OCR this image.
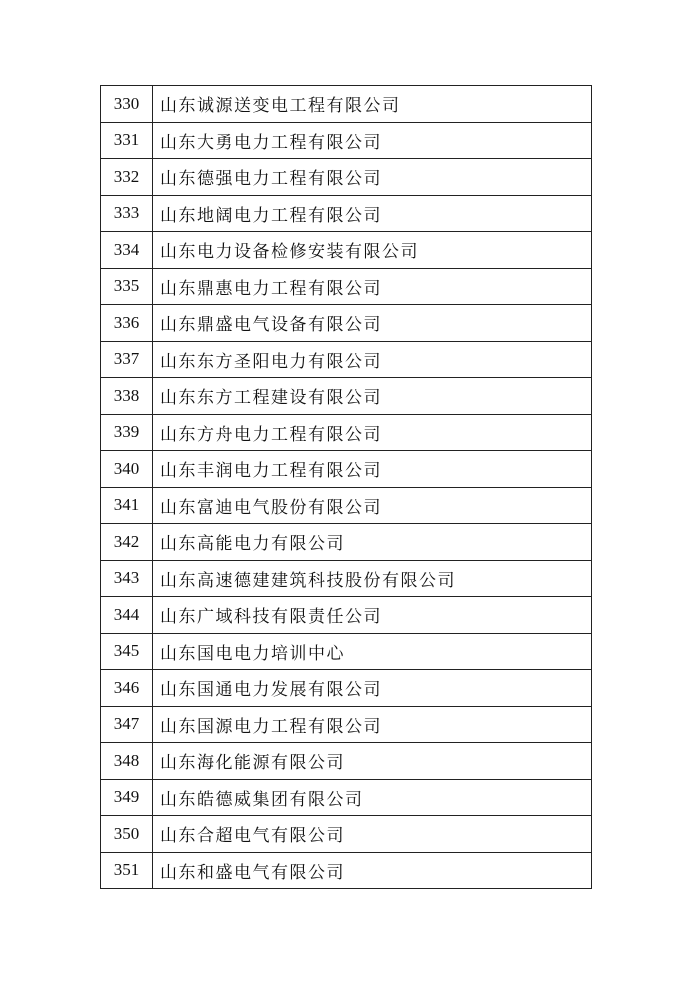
330	山东诚源送变电工程有限公司
331	山东大勇电力工程有限公司
332	山东德强电力工程有限公司
333	山东地阔电力工程有限公司
334	山东电力设备检修安装有限公司
335	山东鼎惠电力工程有限公司
336	山东鼎盛电气设备有限公司
337	山东东方圣阳电力有限公司
338	山东东方工程建设有限公司
339	山东方舟电力工程有限公司
340	山东丰润电力工程有限公司
341	山东富迪电气股份有限公司
342	山东高能电力有限公司
343	山东高速德建建筑科技股份有限公司
344	山东广域科技有限责任公司
345	山东国电电力培训中心
346	山东国通电力发展有限公司
347	山东国源电力工程有限公司
348	山东海化能源有限公司
349	山东皓德威集团有限公司
350	山东合超电气有限公司
351	山东和盛电气有限公司
